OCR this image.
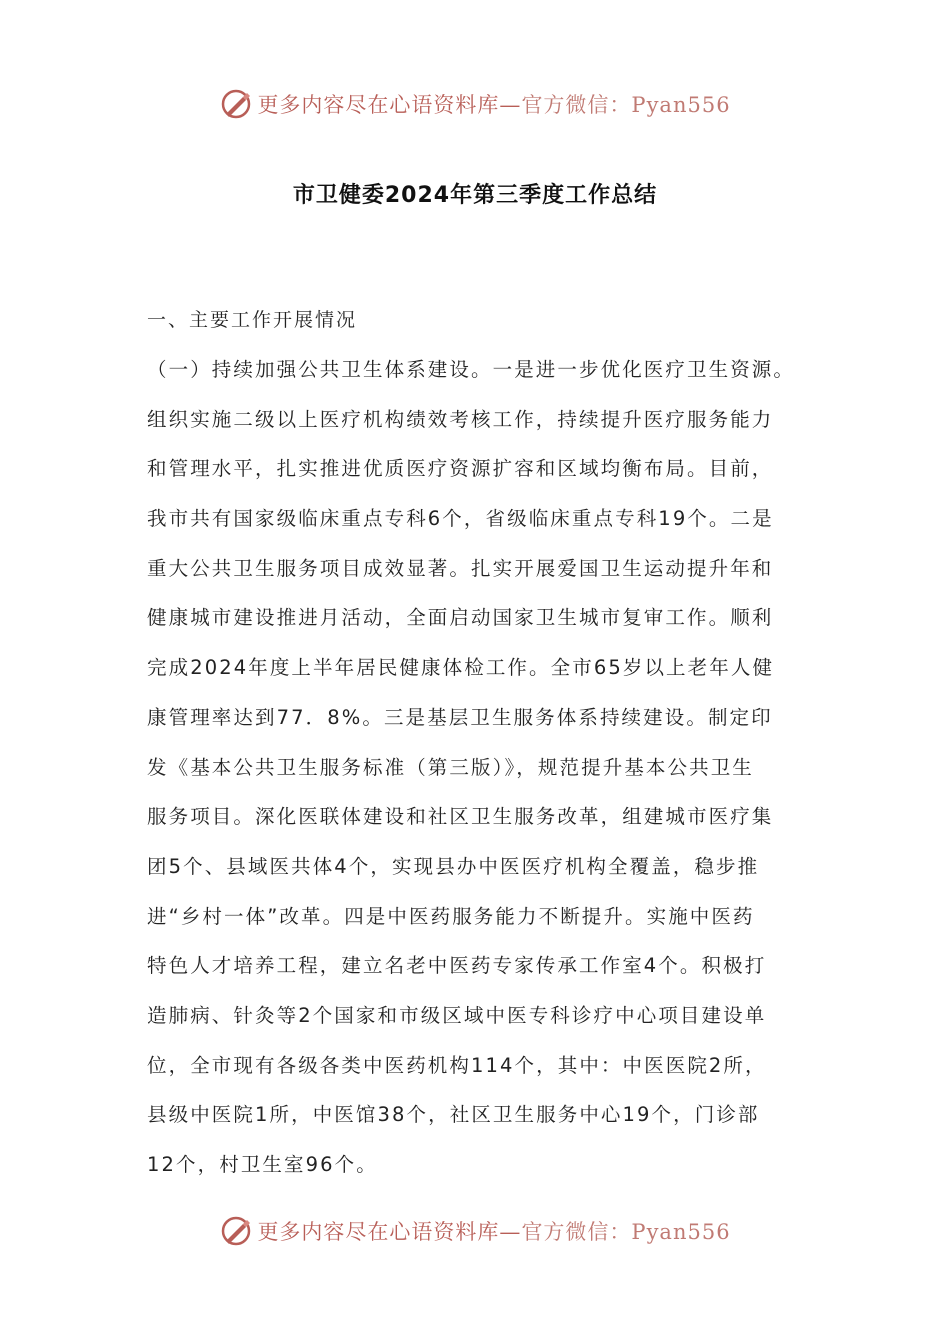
更多内容尽在心语资料库—官方微信：Pyan556
市卫健委2024年第三季度工作总结
一、主要工作开展情况
（一）持续加强公共卫生体系建设。一是进一步优化医疗卫生资源。
组织实施二级以上医疗机构绩效考核工作，持续提升医疗服务能力
和管理水平，扎实推进优质医疗资源扩容和区域均衡布局。目前，
我市共有国家级临床重点专科6个，省级临床重点专科19个。二是
重大公共卫生服务项目成效显著。扎实开展爱国卫生运动提升年和
健康城市建设推进月活动，全面启动国家卫生城市复审工作。顺利
完成2024年度上半年居民健康体检工作。全市65岁以上老年人健
康管理率达到77．8%。三是基层卫生服务体系持续建设。制定印
发《基本公共卫生服务标准（第三版）》，规范提升基本公共卫生
服务项目。深化医联体建设和社区卫生服务改革，组建城市医疗集
团5个、县域医共体4个，实现县办中医医疗机构全覆盖，稳步推
进“乡村一体”改革。四是中医药服务能力不断提升。实施中医药
特色人才培养工程，建立名老中医药专家传承工作室4个。积极打
造肺病、针灸等2个国家和市级区域中医专科诊疗中心项目建设单
位，全市现有各级各类中医药机构114个，其中：中医医院2所，
县级中医院1所，中医馆38个，社区卫生服务中心19个，门诊部
12个，村卫生室96个。
更多内容尽在心语资料库—官方微信：Pyan556
